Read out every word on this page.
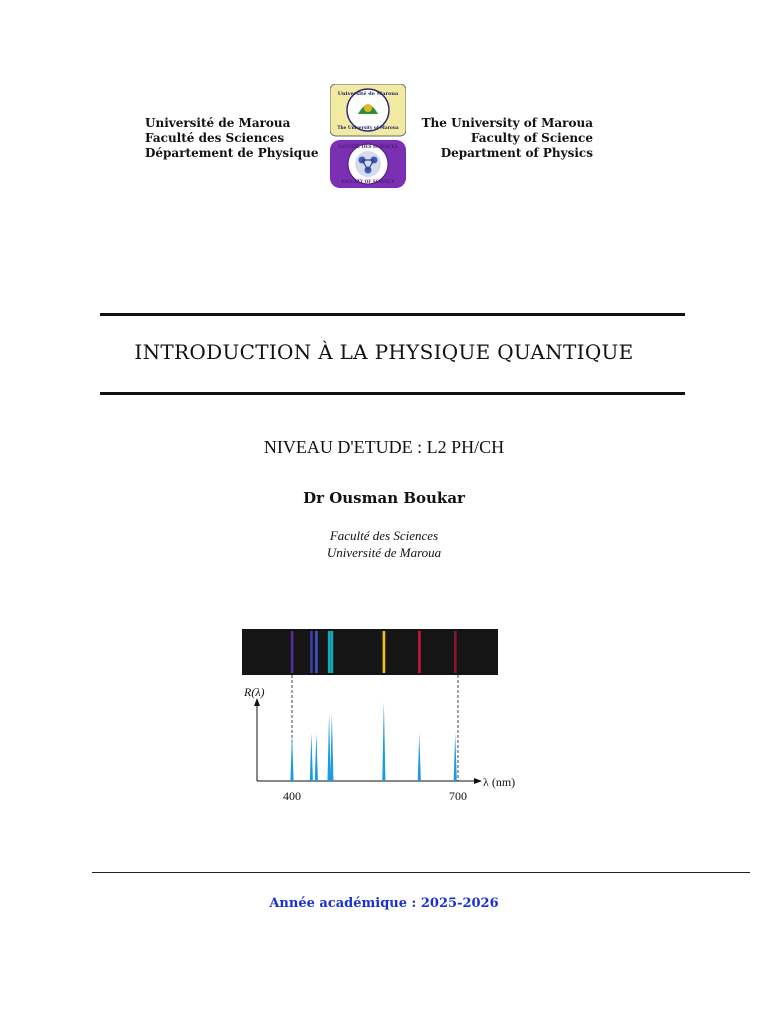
Université de Maroua
Faculté des Sciences
Département de Physique
Université de Maroua
The University of Maroua
FACULTÉ DES SCIENCES
FACULTY OF SCIENCE
The University of Maroua
Faculty of Science
Department of Physics
INTRODUCTION À LA PHYSIQUE QUANTIQUE
NIVEAU D'ETUDE : L2 PH/CH
Dr Ousman Boukar
Faculté des Sciences
Université de Maroua
R(λ)
λ (nm)
400	700
Année académique : 2025-2026
